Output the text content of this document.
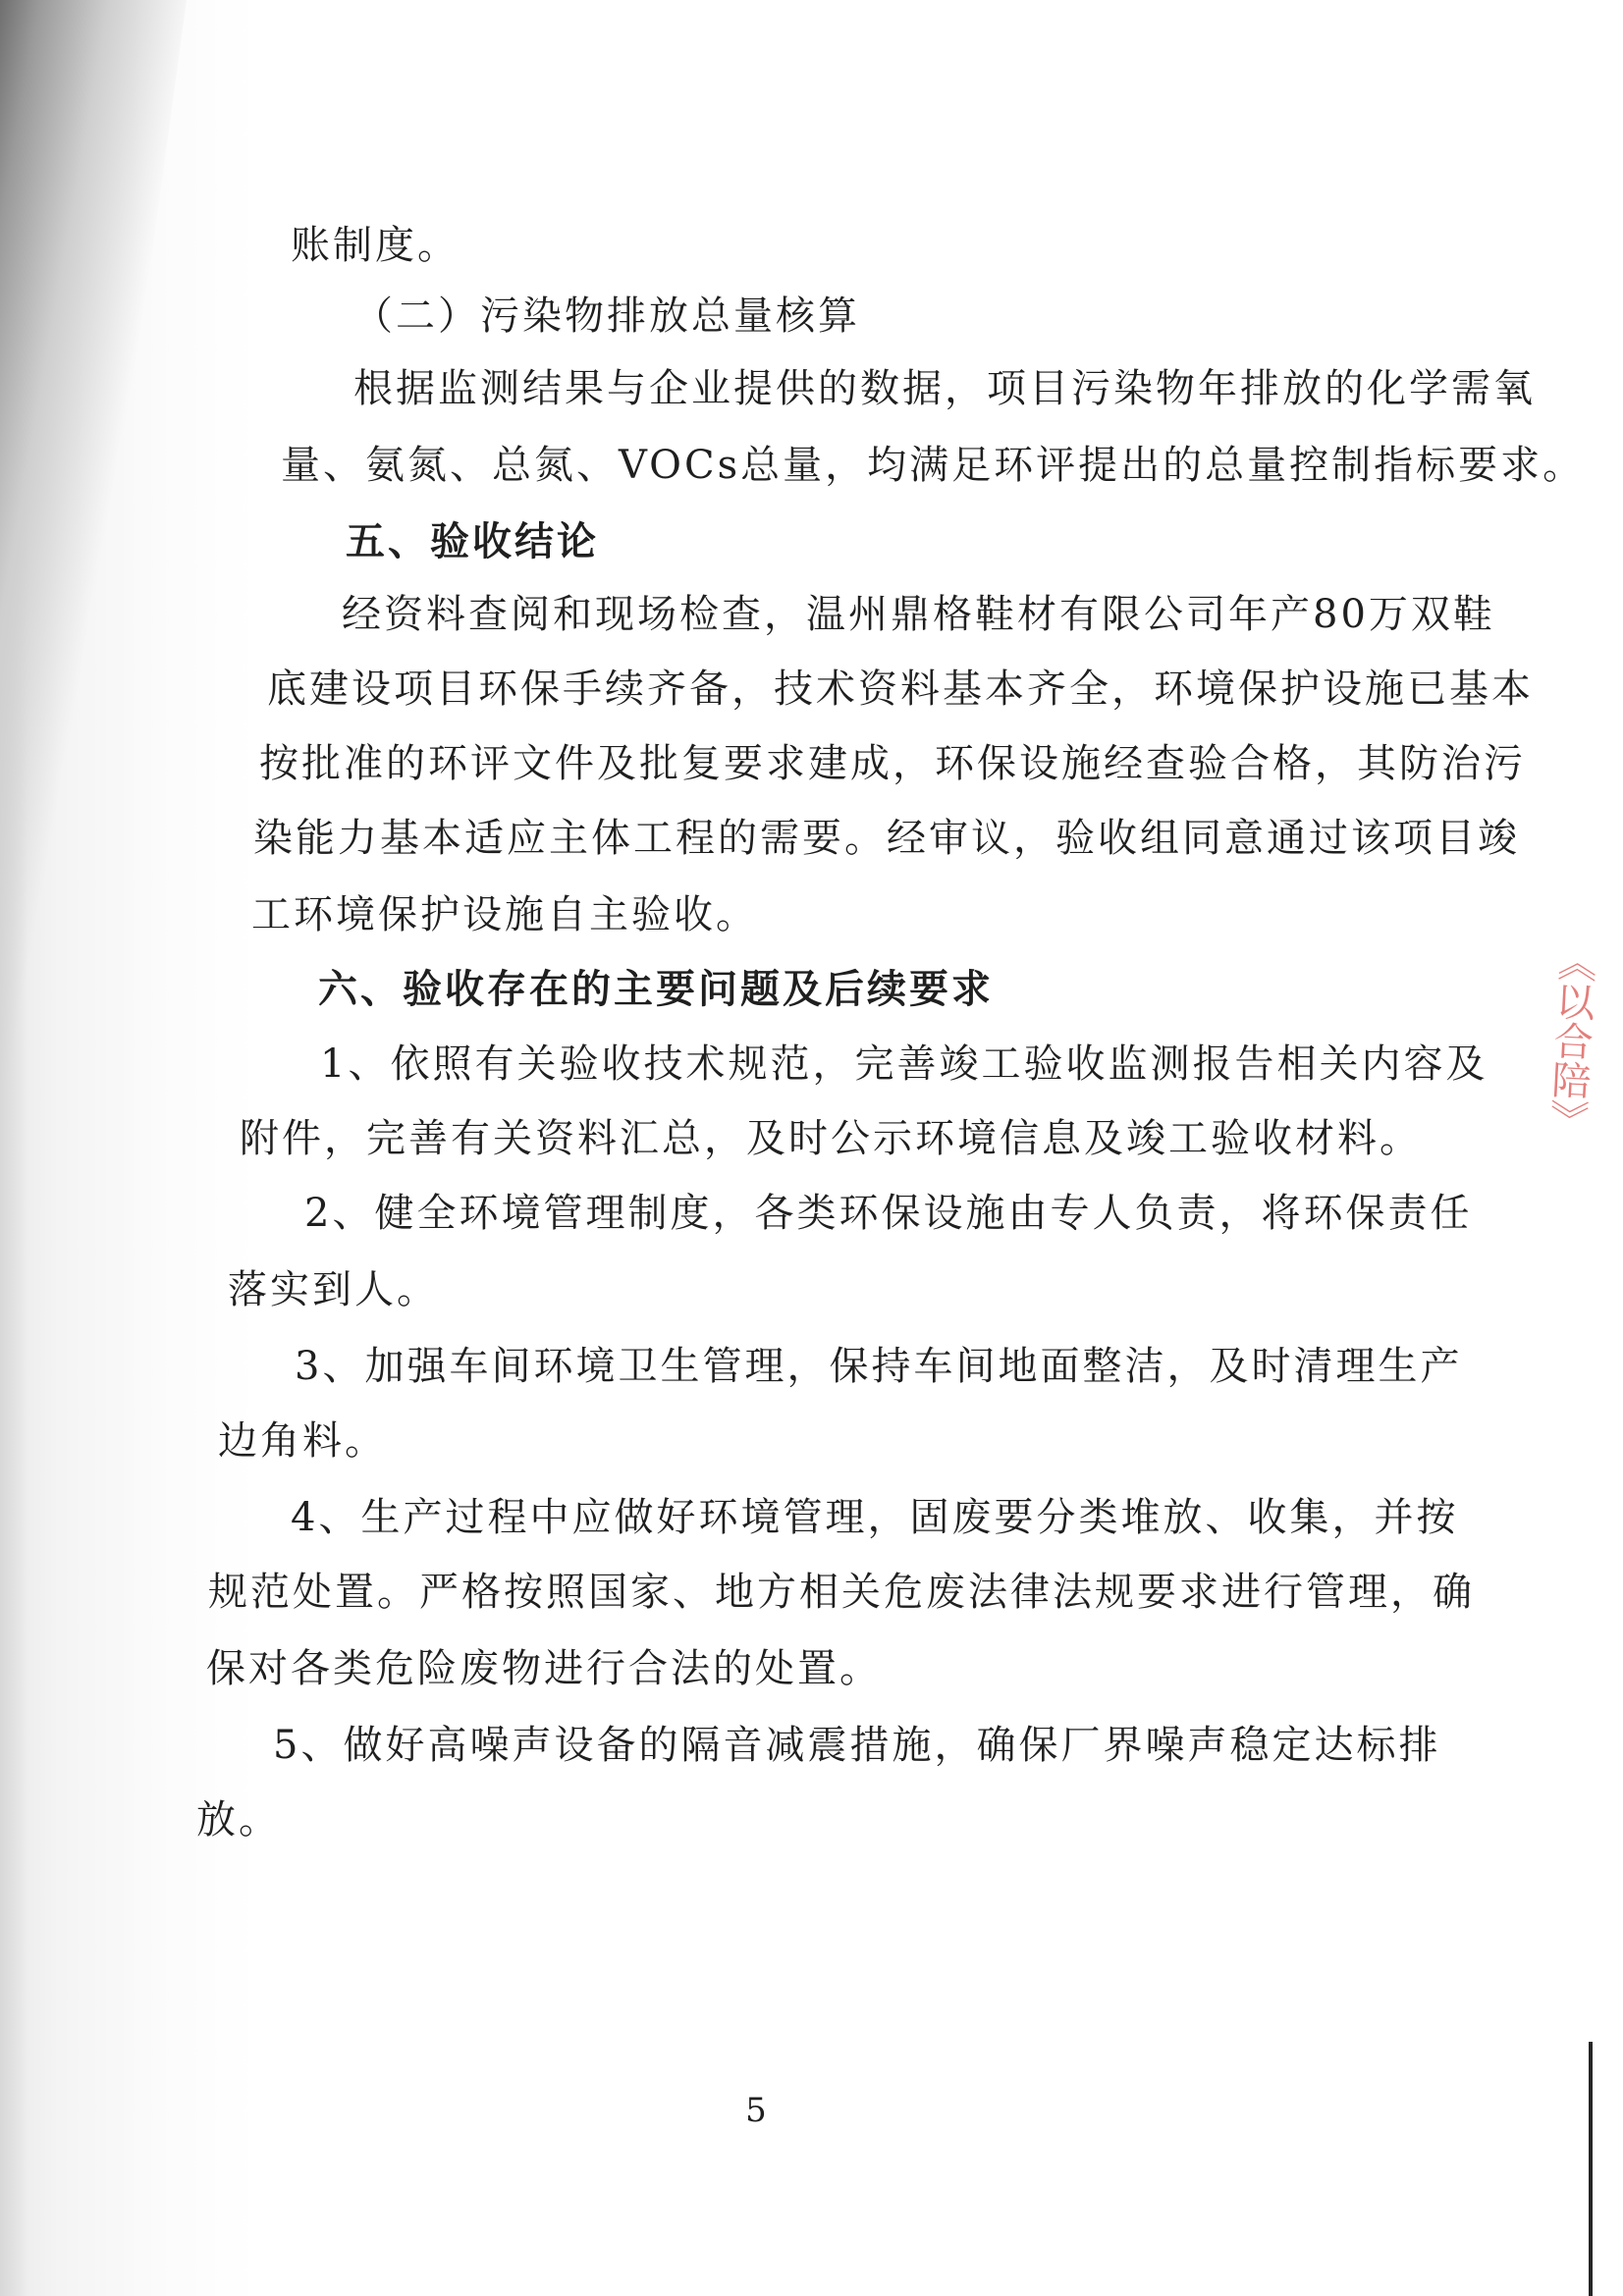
账制度。
（二）污染物排放总量核算
根据监测结果与企业提供的数据，项目污染物年排放的化学需氧
量、氨氮、总氮、VOCs总量，均满足环评提出的总量控制指标要求。
五、验收结论
经资料查阅和现场检查，温州鼎格鞋材有限公司年产80万双鞋
底建设项目环保手续齐备，技术资料基本齐全，环境保护设施已基本
按批准的环评文件及批复要求建成，环保设施经查验合格，其防治污
染能力基本适应主体工程的需要。经审议，验收组同意通过该项目竣
工环境保护设施自主验收。
六、验收存在的主要问题及后续要求
1、依照有关验收技术规范，完善竣工验收监测报告相关内容及
附件，完善有关资料汇总，及时公示环境信息及竣工验收材料。
2、健全环境管理制度，各类环保设施由专人负责，将环保责任
落实到人。
3、加强车间环境卫生管理，保持车间地面整洁，及时清理生产
边角料。
4、生产过程中应做好环境管理，固废要分类堆放、收集，并按
规范处置。严格按照国家、地方相关危废法律法规要求进行管理，确
保对各类危险废物进行合法的处置。
5、做好高噪声设备的隔音减震措施，确保厂界噪声稳定达标排
放。
5
《以合陪》
